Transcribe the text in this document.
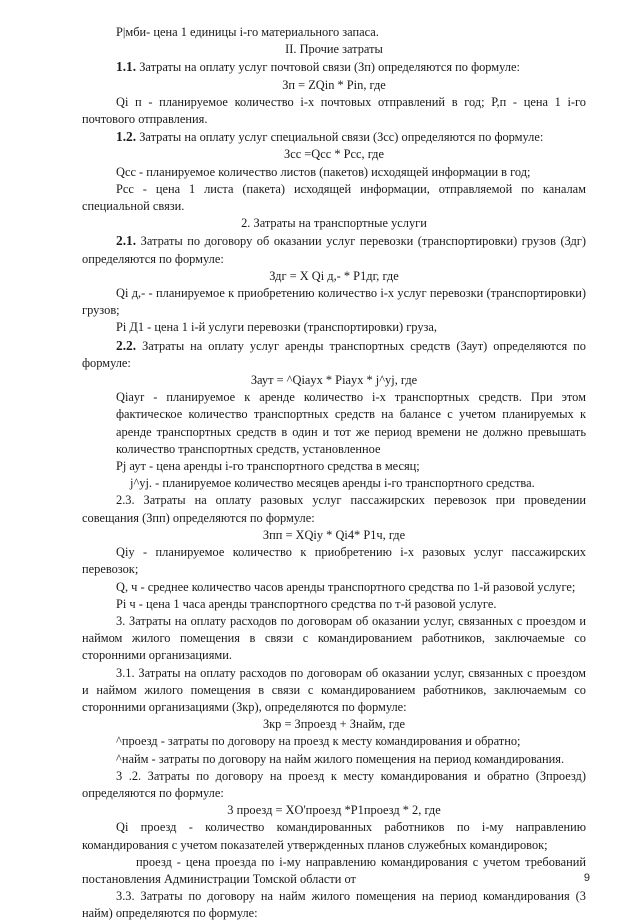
Р|мби- цена 1 единицы i-го материального запаса.

II. Прочие затраты

1.1. Затраты на оплату услуг почтовой связи (Зп) определяются по формуле:

Зп = ZQin * Pin, где

Qi п - планируемое количество i-х почтовых отправлений в год; Р,п - цена 1 i-го почтового отправления.

1.2. Затраты на оплату услуг специальной связи (Зсс) определяются по формуле:

Зсс =Qcc * Рсс, где

Qcc - планируемое количество листов (пакетов) исходящей информации в год;

Рсс - цена 1 листа (пакета) исходящей информации, отправляемой по каналам специальной связи.

2. Затраты на транспортные услуги

2.1. Затраты по договору об оказании услуг перевозки (транспортировки) грузов (Здг) определяются по формуле:

Здг = X Qi д,- * Р1дг, где

Qi д,- - планируемое к приобретению количество i-х услуг перевозки (транспортировки) грузов;

Pi Д1 - цена 1 i-й услуги перевозки (транспортировки) груза,

2.2. Затраты на оплату услуг аренды транспортных средств (Заут) определяются по формуле:

Заут = ^Qiayx * Piayx * j^yj, где

Qiayr - планируемое к аренде количество i-х транспортных средств. При этом фактическое количество транспортных средств на балансе с учетом планируемых к аренде транспортных средств в один и тот же период времени не должно превышать количество транспортных средств, установленное

Pj аут - цена аренды i-го транспортного средства в месяц;

j^yj. - планируемое количество месяцев аренды i-го транспортного средства.

2.3. Затраты на оплату разовых услуг пассажирских перевозок при проведении совещания (Зпп) определяются по формуле:

Зпп = XQiy * Qi4* Р1ч, где

Qiy - планируемое количество к приобретению i-х разовых услуг пассажирских перевозок;

Q, ч - среднее количество часов аренды транспортного средства по 1-й разовой услуге;

Pi ч - цена 1 часа аренды транспортного средства по т-й разовой услуге.

3. Затраты на оплату расходов по договорам об оказании услуг, связанных с проездом и наймом жилого помещения в связи с командированием работников, заключаемые со сторонними организациями.

3.1. Затраты на оплату расходов по договорам об оказании услуг, связанных с проездом и наймом жилого помещения в связи с командированием работников, заключаемым со сторонними организациями (Зкр), определяются по формуле:

Зкр = Зпроезд + Знайм, где

^проезд - затраты по договору на проезд к месту командирования и обратно;

^найм - затраты по договору на найм жилого помещения на период командирования.

3 .2. Затраты по договору на проезд к месту командирования и обратно (Зпроезд) определяются по формуле:

3 проезд = XO'проезд *P1проезд * 2, где

Qi проезд - количество командированных работников по i-му направлению командирования с учетом показателей утвержденных планов служебных командировок;

проезд - цена проезда по i-му направлению командирования с учетом требований постановления Администрации Томской области от

3.3. Затраты по договору на найм жилого помещения на период командирования (3 найм) определяются по формуле:

9
